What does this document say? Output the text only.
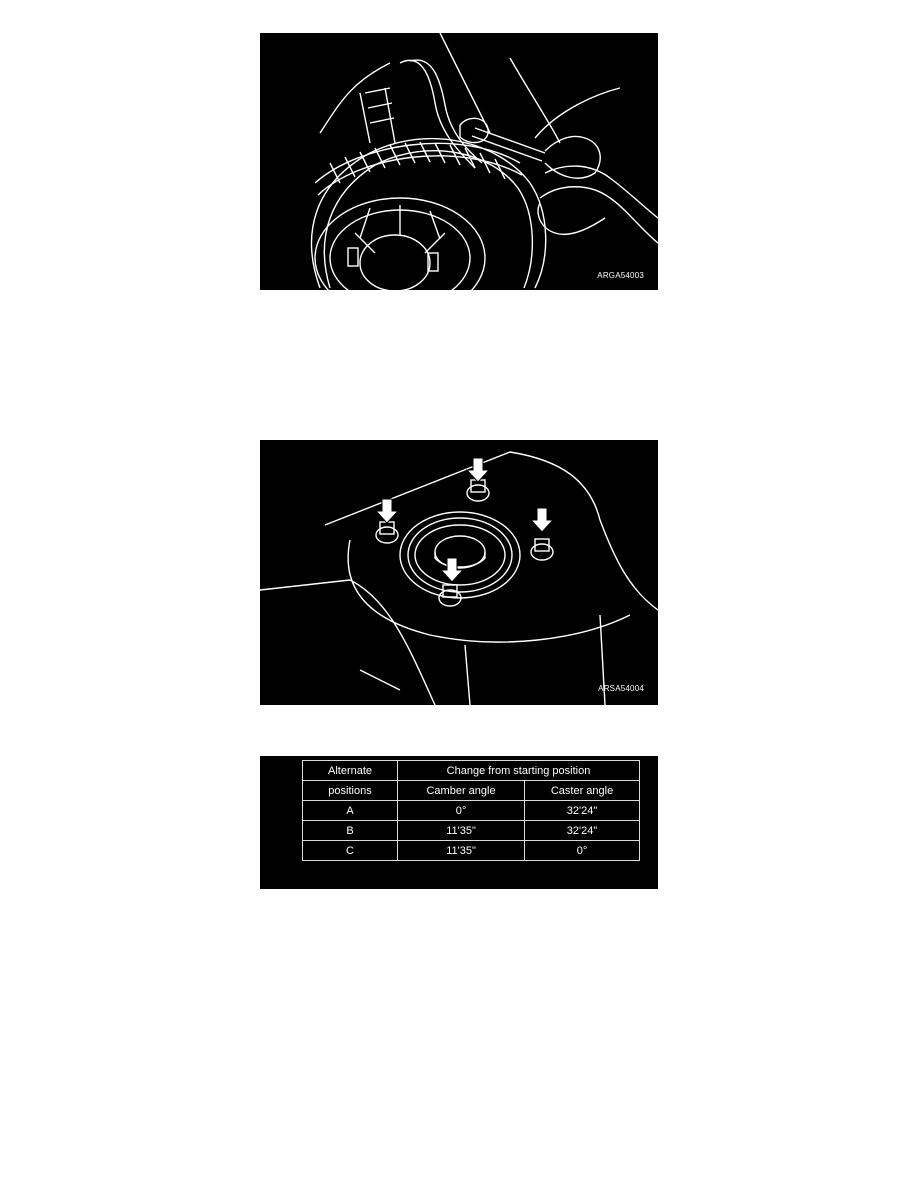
ARGA54003
ARSA54004
Alternate	Change from starting position	
positions	Camber angle	Caster angle
A	0°	32'24"
B	11'35"	32'24"
C	11'35"	0°
